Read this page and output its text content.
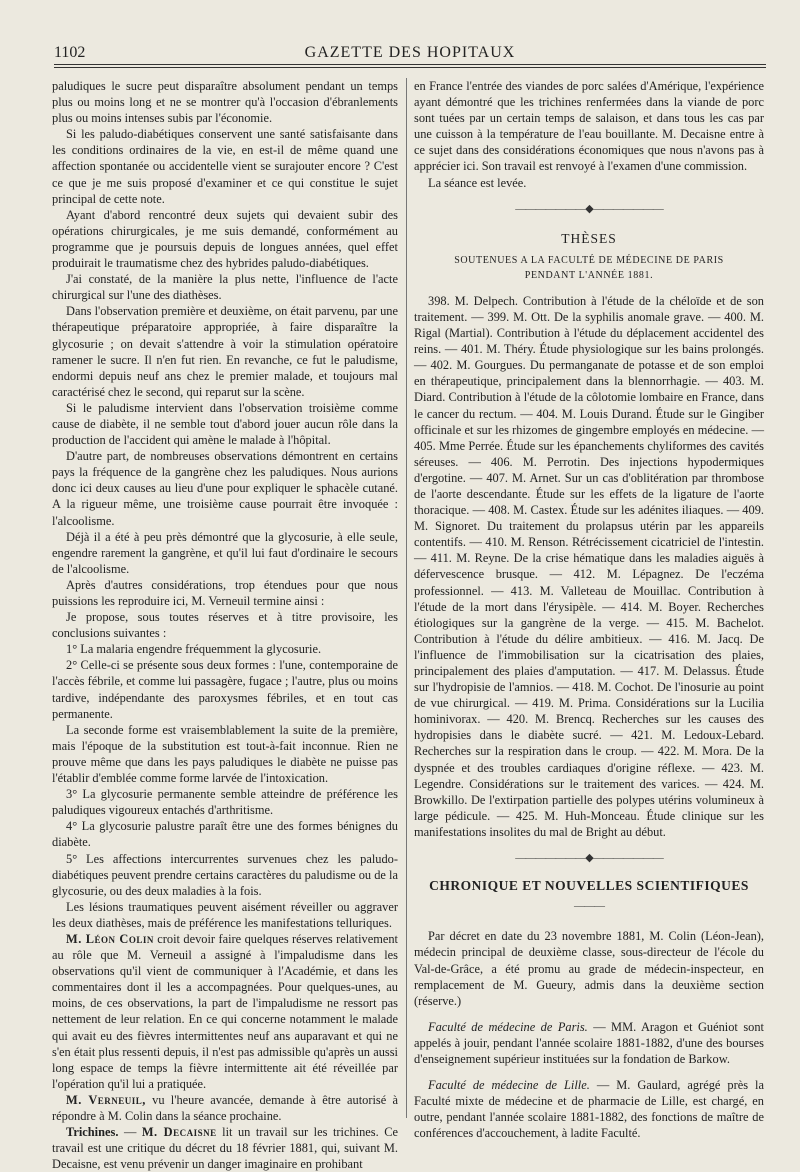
1102	GAZETTE DES HOPITAUX

paludiques le sucre peut disparaître absolument pendant un temps plus ou moins long et ne se montrer qu'à l'occasion d'ébranlements plus ou moins intenses subis par l'économie.

Si les paludo-diabétiques conservent une santé satisfaisante dans les conditions ordinaires de la vie, en est-il de même quand une affection spontanée ou accidentelle vient se surajouter encore ? C'est ce que je me suis proposé d'examiner et ce qui constitue le sujet principal de cette note.

Ayant d'abord rencontré deux sujets qui devaient subir des opérations chirurgicales, je me suis demandé, conformément au programme que je poursuis depuis de longues années, quel effet produirait le traumatisme chez des hybrides paludo-diabétiques.

J'ai constaté, de la manière la plus nette, l'influence de l'acte chirurgical sur l'une des diathèses.

Dans l'observation première et deuxième, on était parvenu, par une thérapeutique préparatoire appropriée, à faire disparaître la glycosurie ; on devait s'attendre à voir la stimulation opératoire ramener le sucre. Il n'en fut rien. En revanche, ce fut le paludisme, endormi depuis neuf ans chez le premier malade, et toujours mal caractérisé chez le second, qui reparut sur la scène.

Si le paludisme intervient dans l'observation troisième comme cause de diabète, il ne semble tout d'abord jouer aucun rôle dans la production de l'accident qui amène le malade à l'hôpital.

D'autre part, de nombreuses observations démontrent en certains pays la fréquence de la gangrène chez les paludiques. Nous aurions donc ici deux causes au lieu d'une pour expliquer le sphacèle cutané. A la rigueur même, une troisième cause pourrait être invoquée : l'alcoolisme.

Déjà il a été à peu près démontré que la glycosurie, à elle seule, engendre rarement la gangrène, et qu'il lui faut d'ordinaire le secours de l'alcoolisme.

Après d'autres considérations, trop étendues pour que nous puissions les reproduire ici, M. Verneuil termine ainsi :

Je propose, sous toutes réserves et à titre provisoire, les conclusions suivantes :

1° La malaria engendre fréquemment la glycosurie.

2° Celle-ci se présente sous deux formes : l'une, contemporaine de l'accès fébrile, et comme lui passagère, fugace ; l'autre, plus ou moins tardive, indépendante des paroxysmes fébriles, et en tout cas permanente.

La seconde forme est vraisemblablement la suite de la première, mais l'époque de la substitution est tout-à-fait inconnue. Rien ne prouve même que dans les pays paludiques le diabète ne puisse pas l'établir d'emblée comme forme larvée de l'intoxication.

3° La glycosurie permanente semble atteindre de préférence les paludiques vigoureux entachés d'arthritisme.

4° La glycosurie palustre paraît être une des formes bénignes du diabète.

5° Les affections intercurrentes survenues chez les paludo-diabétiques peuvent prendre certains caractères du paludisme ou de la glycosurie, ou des deux maladies à la fois.

Les lésions traumatiques peuvent aisément réveiller ou aggraver les deux diathèses, mais de préférence les manifestations telluriques.

M. Léon Colin croit devoir faire quelques réserves relativement au rôle que M. Verneuil a assigné à l'impaludisme dans les observations qu'il vient de communiquer à l'Académie, et dans les commentaires dont il les a accompagnées. Pour quelques-unes, au moins, de ces observations, la part de l'impaludisme ne ressort pas nettement de leur relation. En ce qui concerne notamment le malade qui avait eu des fièvres intermittentes neuf ans auparavant et qui ne s'en était plus ressenti depuis, il n'est pas admissible qu'après un aussi long espace de temps la fièvre intermittente ait été réveillée par l'opération qu'il lui a pratiquée.

M. Verneuil, vu l'heure avancée, demande à être autorisé à répondre à M. Colin dans la séance prochaine.

Trichines. — M. Decaisne lit un travail sur les trichines. Ce travail est une critique du décret du 18 février 1881, qui, suivant M. Decaisne, est venu prévenir un danger imaginaire en prohibant

en France l'entrée des viandes de porc salées d'Amérique, l'expérience ayant démontré que les trichines renfermées dans la viande de porc sont tuées par un certain temps de salaison, et dans tous les cas par une cuisson à la température de l'eau bouillante. M. Decaisne entre à ce sujet dans des considérations économiques que nous n'avons pas à apprécier ici. Son travail est renvoyé à l'examen d'une commission.

La séance est levée.

———————◆———————
THÈSES
SOUTENUES A LA FACULTÉ DE MÉDECINE DE PARIS
PENDANT L'ANNÉE 1881.

398. M. Delpech. Contribution à l'étude de la chéloïde et de son traitement. — 399. M. Ott. De la syphilis anomale grave. — 400. M. Rigal (Martial). Contribution à l'étude du déplacement accidentel des reins. — 401. M. Théry. Étude physiologique sur les bains prolongés. — 402. M. Gourgues. Du permanganate de potasse et de son emploi en thérapeutique, principalement dans la blennorrhagie. — 403. M. Diard. Contribution à l'étude de la côlotomie lombaire en France, dans le cancer du rectum. — 404. M. Louis Durand. Étude sur le Gingiber officinale et sur les rhizomes de gingembre employés en médecine. — 405. Mme Perrée. Étude sur les épanchements chyliformes des cavités séreuses. — 406. M. Perrotin. Des injections hypodermiques d'ergotine. — 407. M. Arnet. Sur un cas d'oblitération par thrombose de l'aorte descendante. Étude sur les effets de la ligature de l'aorte thoracique. — 408. M. Castex. Étude sur les adénites iliaques. — 409. M. Signoret. Du traitement du prolapsus utérin par les appareils contentifs. — 410. M. Renson. Rétrécissement cicatriciel de l'intestin. — 411. M. Reyne. De la crise hématique dans les maladies aiguës à défervescence brusque. — 412. M. Lépagnez. De l'eczéma professionnel. — 413. M. Valleteau de Mouillac. Contribution à l'étude de la mort dans l'érysipèle. — 414. M. Boyer. Recherches étiologiques sur la gangrène de la verge. — 415. M. Bachelot. Contribution à l'étude du délire ambitieux. — 416. M. Jacq. De l'influence de l'immobilisation sur la cicatrisation des plaies, principalement des plaies d'amputation. — 417. M. Delassus. Étude sur l'hydropisie de l'amnios. — 418. M. Cochot. De l'inosurie au point de vue chirurgical. — 419. M. Prima. Considérations sur la Lucilia hominivorax. — 420. M. Brencq. Recherches sur les causes des hydropisies dans le diabète sucré. — 421. M. Ledoux-Lebard. Recherches sur la respiration dans le croup. — 422. M. Mora. De la dyspnée et des troubles cardiaques d'origine réflexe. — 423. M. Legendre. Considérations sur le traitement des varices. — 424. M. Browkillo. De l'extirpation partielle des polypes utérins volumineux à large pédicule. — 425. M. Huh-Monceau. Étude clinique sur les manifestations insolites du mal de Bright au début.

———————◆———————
CHRONIQUE ET NOUVELLES SCIENTIFIQUES
———

Par décret en date du 23 novembre 1881, M. Colin (Léon-Jean), médecin principal de deuxième classe, sous-directeur de l'école du Val-de-Grâce, a été promu au grade de médecin-inspecteur, en remplacement de M. Gueury, admis dans la deuxième section (réserve.)

Faculté de médecine de Paris. — MM. Aragon et Guéniot sont appelés à jouir, pendant l'année scolaire 1881-1882, d'une des bourses d'enseignement supérieur instituées sur la fondation de Barkow.

Faculté de médecine de Lille. — M. Gaulard, agrégé près la Faculté mixte de médecine et de pharmacie de Lille, est chargé, en outre, pendant l'année scolaire 1881-1882, des fonctions de maître de conférences d'accouchement, à ladite Faculté.
